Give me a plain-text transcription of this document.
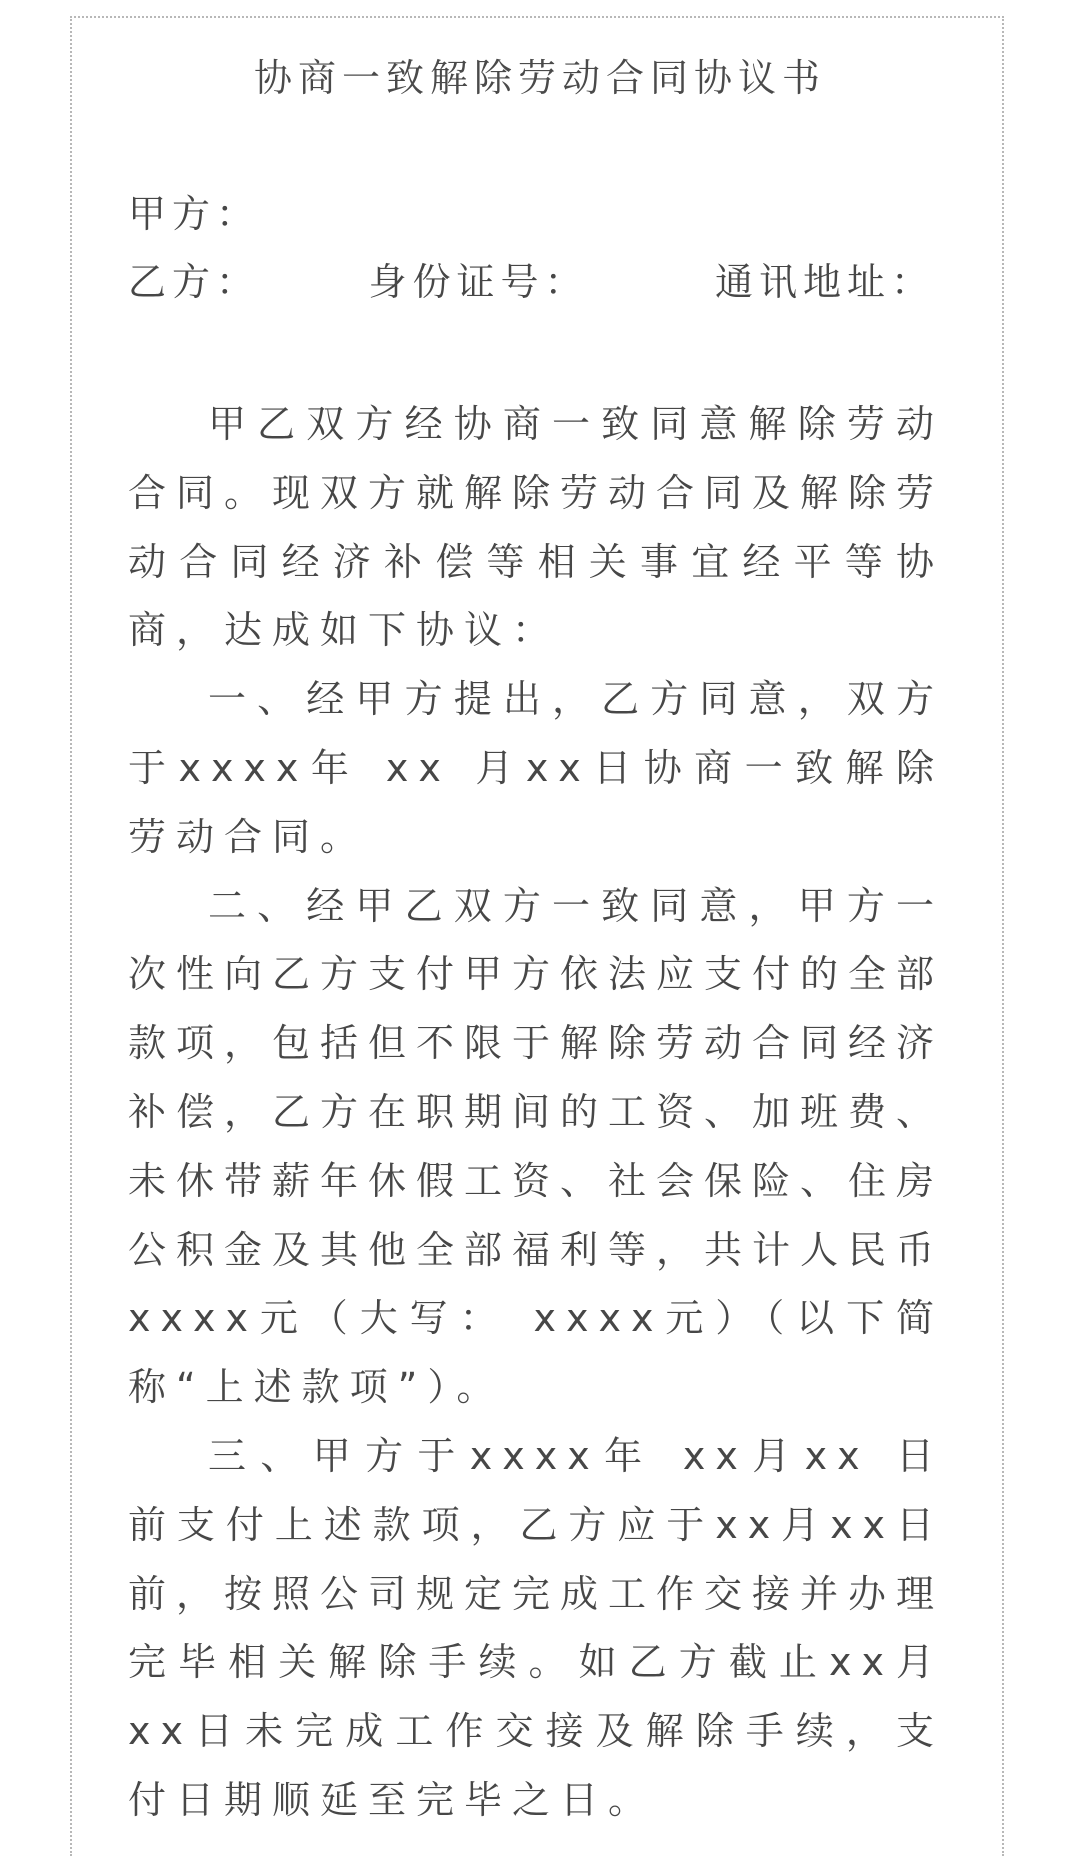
协商一致解除劳动合同协议书
甲方：
乙方：      身份证号：       通讯地址：

甲乙双方经协商一致同意解除劳动合同。现双方就解除劳动合同及解除劳动合同经济补偿等相关事宜经平等协商，达成如下协议：

一、经甲方提出，乙方同意，双方于xxxx年 xx 月xx日协商一致解除劳动合同。

二、经甲乙双方一致同意，甲方一次性向乙方支付甲方依法应支付的全部款项，包括但不限于解除劳动合同经济补偿，乙方在职期间的工资、加班费、未休带薪年休假工资、社会保险、住房公积金及其他全部福利等，共计人民币xxxx元（大写： xxxx元）（以下简称“上述款项”）。

三、甲方于xxxx年 xx月xx 日前支付上述款项，乙方应于xx月xx日前，按照公司规定完成工作交接并办理完毕相关解除手续。如乙方截止xx月xx日未完成工作交接及解除手续，支付日期顺延至完毕之日。
